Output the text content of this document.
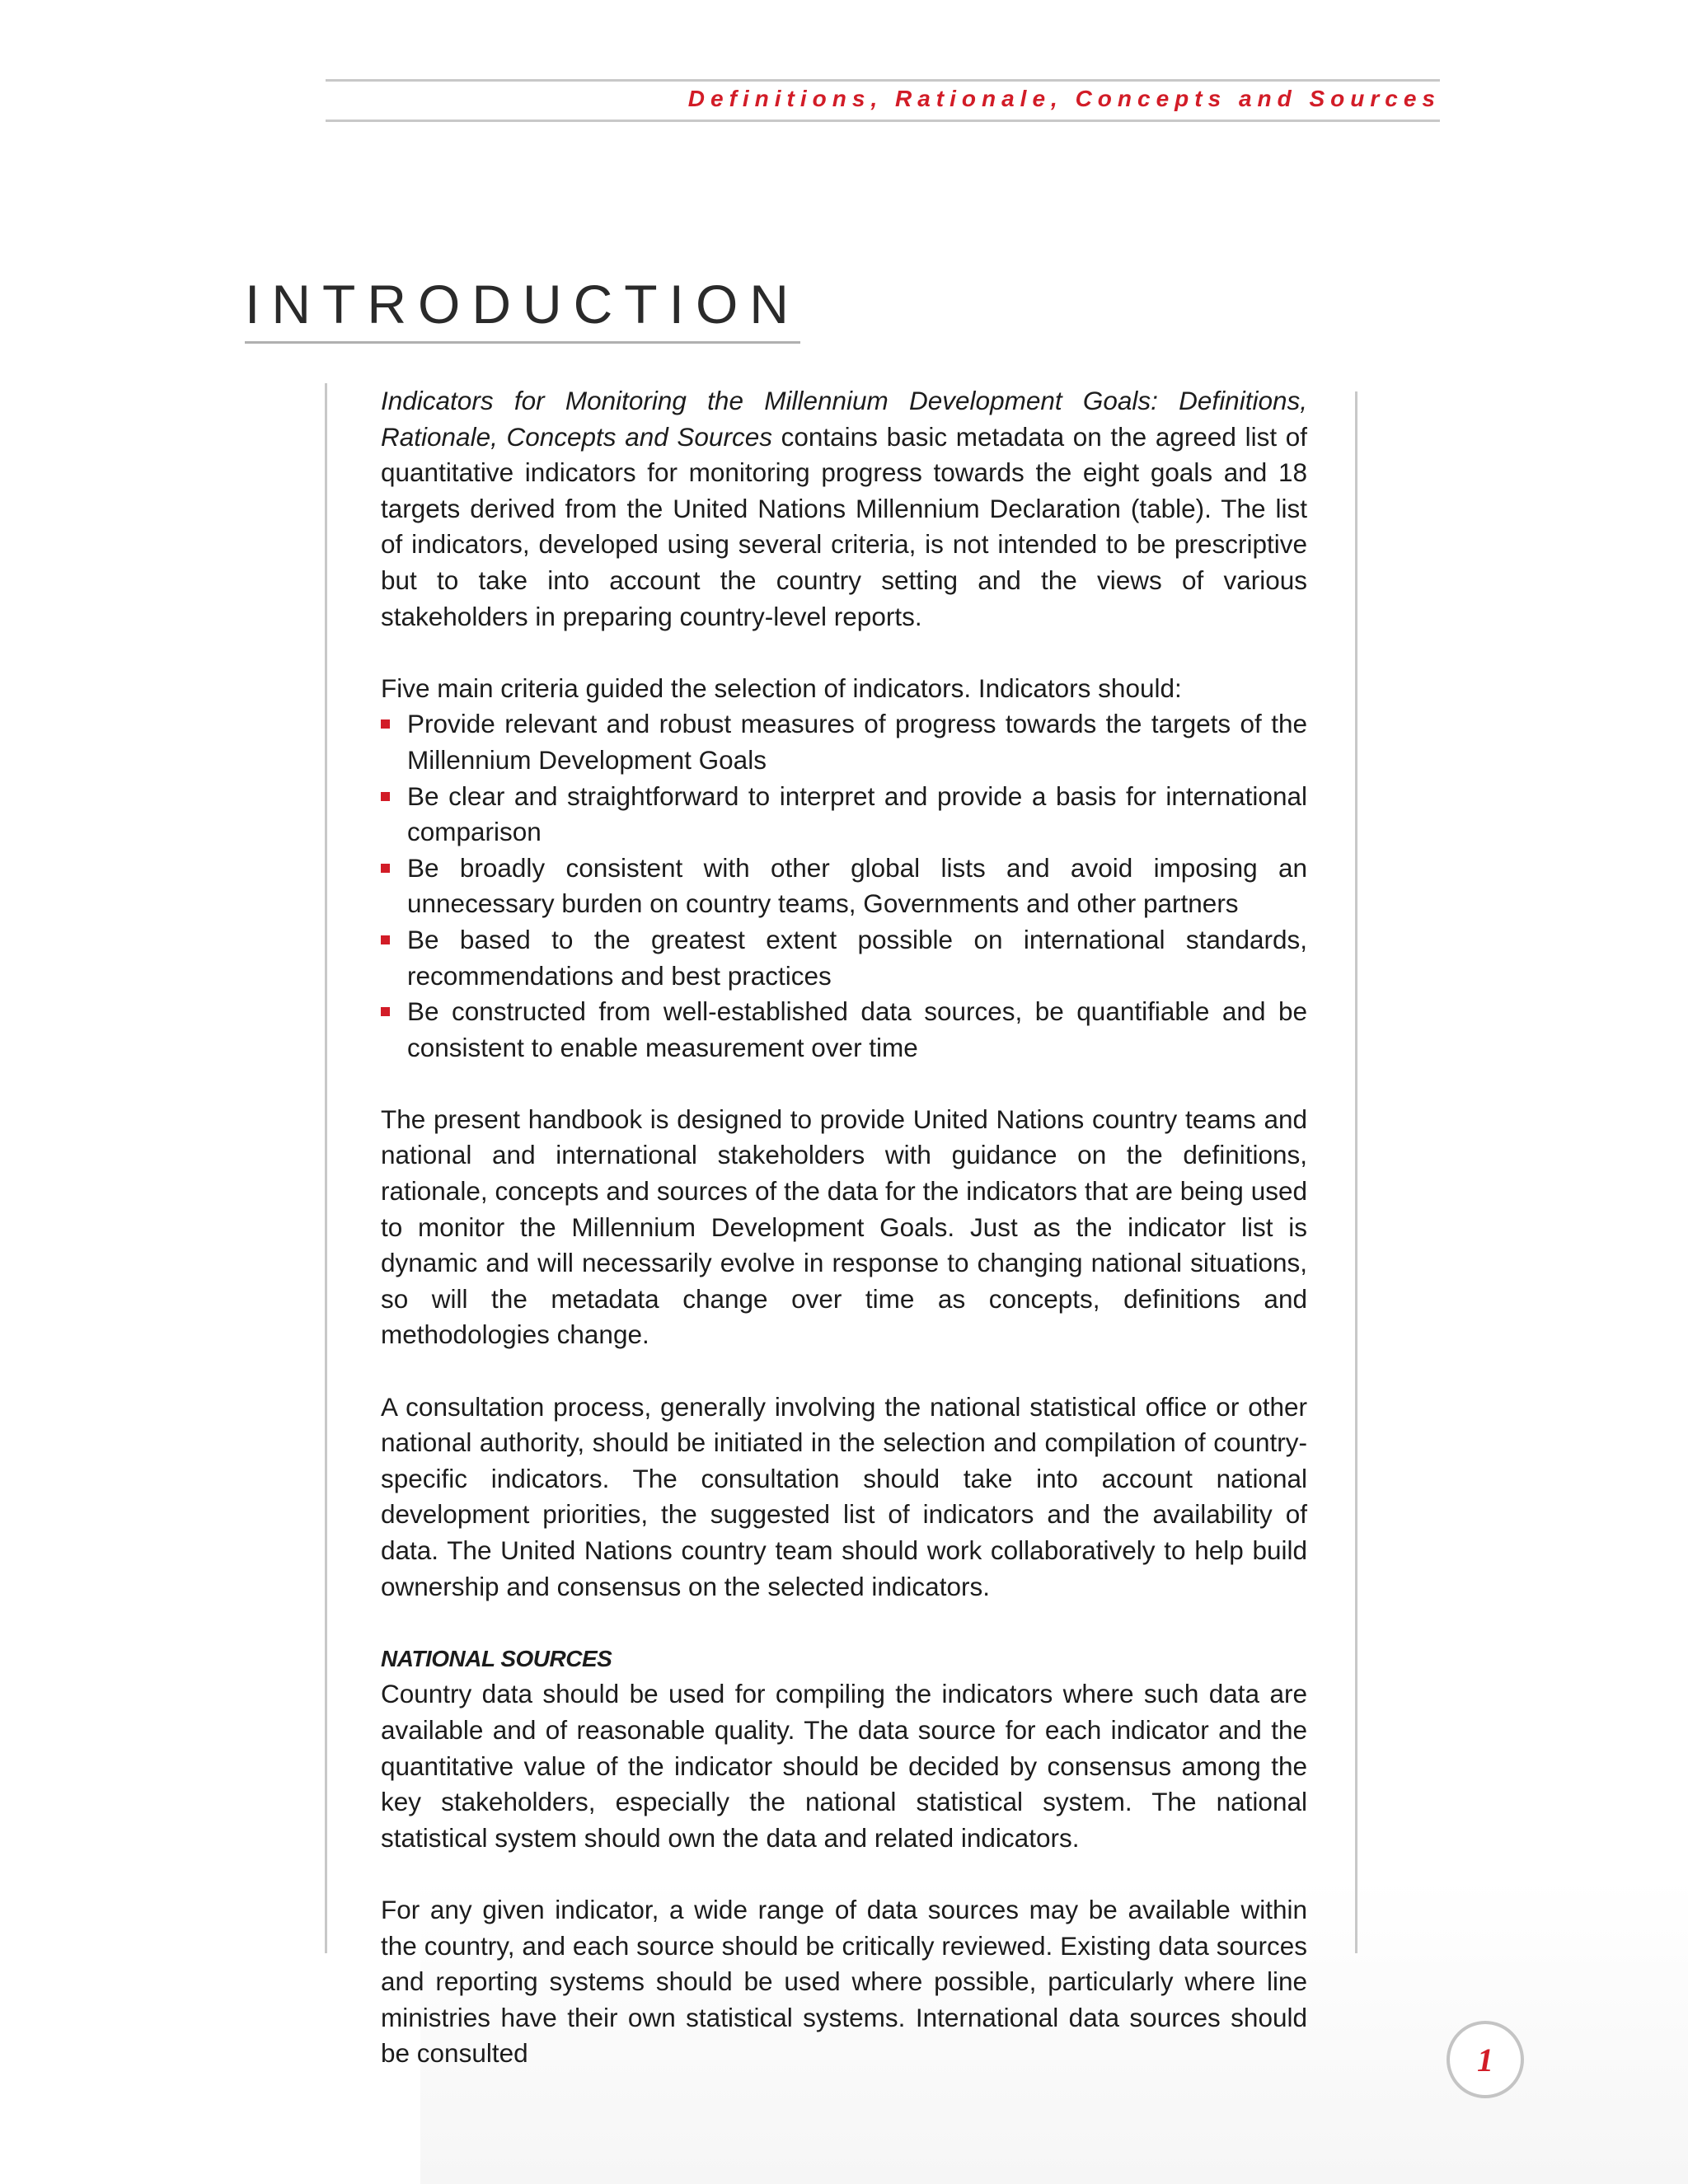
Definitions, Rationale, Concepts and Sources
INTRODUCTION

Indicators for Monitoring the Millennium Development Goals: Definitions, Rationale, Concepts and Sources contains basic metadata on the agreed list of quantitative indicators for monitoring progress towards the eight goals and 18 targets derived from the United Nations Millennium Declaration (table). The list of indicators, developed using several criteria, is not intended to be prescriptive but to take into account the country setting and the views of various stakeholders in preparing country-level reports.

Five main criteria guided the selection of indicators. Indicators should:

Provide relevant and robust measures of progress towards the targets of the Millennium Development Goals
Be clear and straightforward to interpret and provide a basis for international comparison
Be broadly consistent with other global lists and avoid imposing an unnecessary burden on country teams, Governments and other partners
Be based to the greatest extent possible on international standards, recommendations and best practices
Be constructed from well-established data sources, be quantifiable and be consistent to enable measurement over time

The present handbook is designed to provide United Nations country teams and national and international stakeholders with guidance on the definitions, rationale, concepts and sources of the data for the indicators that are being used to monitor the Millennium Development Goals. Just as the indicator list is dynamic and will necessarily evolve in response to changing national situations, so will the metadata change over time as concepts, definitions and methodologies change.

A consultation process, generally involving the national statistical office or other national authority, should be initiated in the selection and compilation of country-specific indicators. The consultation should take into account national development priorities, the suggested list of indicators and the availability of data. The United Nations country team should work collaboratively to help build ownership and consensus on the selected indicators.

NATIONAL SOURCES

Country data should be used for compiling the indicators where such data are available and of reasonable quality. The data source for each indicator and the quantitative value of the indicator should be decided by consensus among the key stakeholders, especially the national statistical system. The national statistical system should own the data and related indicators.

For any given indicator, a wide range of data sources may be available within the country, and each source should be critically reviewed. Existing data sources and reporting systems should be used where possible, particularly where line ministries have their own statistical systems. International data sources should be consulted	1
